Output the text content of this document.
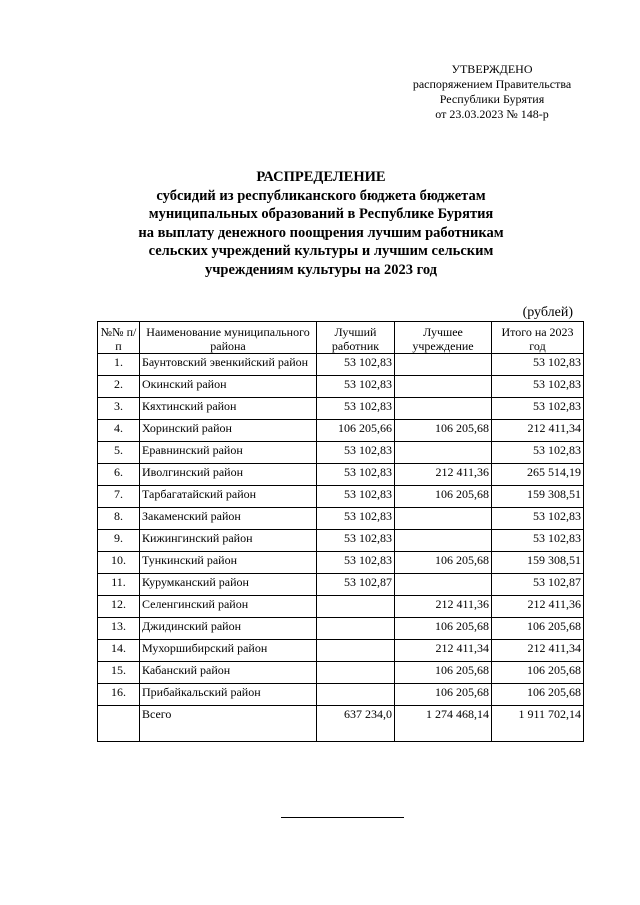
УТВЕРЖДЕНО
распоряжением Правительства
Республики Бурятия
от 23.03.2023 № 148-р
РАСПРЕДЕЛЕНИЕ
субсидий из республиканского бюджета бюджетам
муниципальных образований в Республике Бурятия
на выплату денежного поощрения лучшим работникам
сельских учреждений культуры и лучшим сельским
учреждениям культуры на 2023 год
(рублей)
№№ п/п	Наименование муниципального района	Лучший работник	Лучшее учреждение	Итого на 2023 год
1.	Баунтовский эвенкийский район	53 102,83		53 102,83
2.	Окинский район	53 102,83		53 102,83
3.	Кяхтинский район	53 102,83		53 102,83
4.	Хоринский район	106 205,66	106 205,68	212 411,34
5.	Еравнинский район	53 102,83		53 102,83
6.	Иволгинский район	53 102,83	212 411,36	265 514,19
7.	Тарбагатайский район	53 102,83	106 205,68	159 308,51
8.	Закаменский район	53 102,83		53 102,83
9.	Кижингинский район	53 102,83		53 102,83
10.	Тункинский район	53 102,83	106 205,68	159 308,51
11.	Курумканский район	53 102,87		53 102,87
12.	Селенгинский район		212 411,36	212 411,36
13.	Джидинский район		106 205,68	106 205,68
14.	Мухоршибирский район		212 411,34	212 411,34
15.	Кабанский район		106 205,68	106 205,68
16.	Прибайкальский район		106 205,68	106 205,68
	Всего	637 234,0	1 274 468,14	1 911 702,14
